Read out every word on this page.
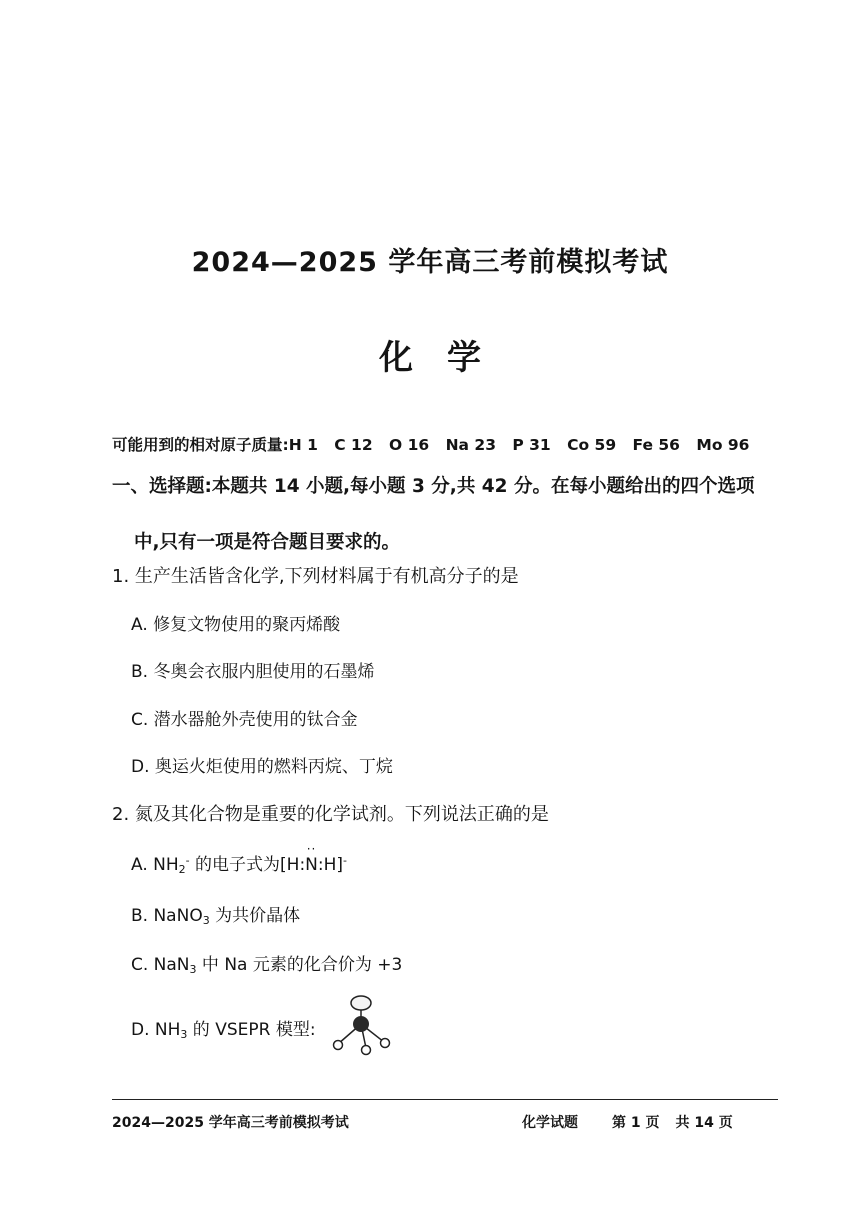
2024—2025 学年高三考前模拟考试
化学
可能用到的相对原子质量:H 1 C 12 O 16 Na 23 P 31 Co 59 Fe 56 Mo 96
一、选择题:本题共 14 小题,每小题 3 分,共 42 分。在每小题给出的四个选项
中,只有一项是符合题目要求的。
1. 生产生活皆含化学,下列材料属于有机高分子的是
A. 修复文物使用的聚丙烯酸
B. 冬奥会衣服内胆使用的石墨烯
C. 潜水器舱外壳使用的钛合金
D. 奥运火炬使用的燃料丙烷、丁烷
2. 氮及其化合物是重要的化学试剂。下列说法正确的是
A. $NH_2^-$ 的电子式为[H:
··
N:H]-
B. NaNO$_3$ 为共价晶体
C. NaN$_3$ 中 Na 元素的化合价为 +3
D. $NH_3$ 的 VSEPR 模型:
2024—2025 学年高三考前模拟考试	化学试题 第 1 页 共 14 页
